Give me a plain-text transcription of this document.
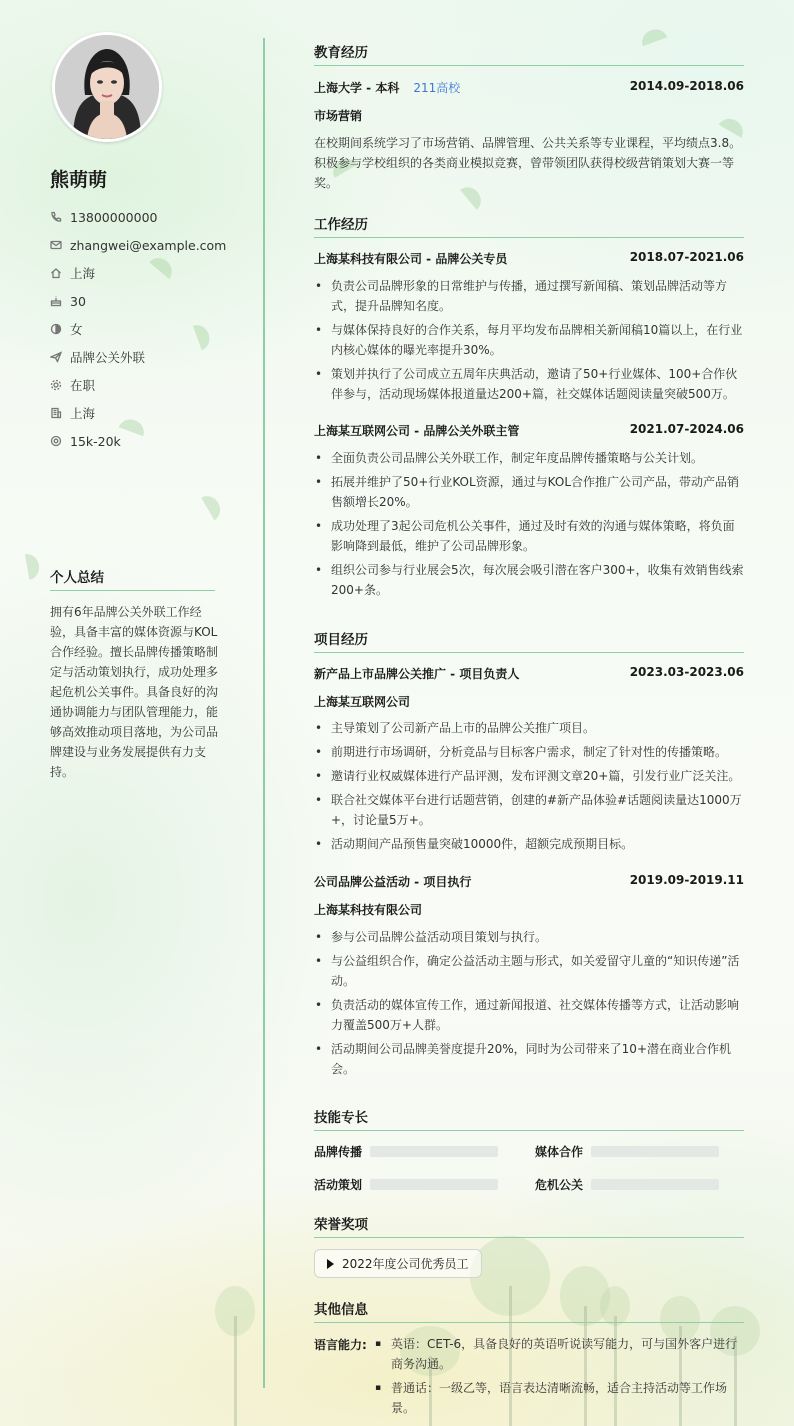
熊萌萌
13800000000
zhangwei@example.com
上海
30
女
品牌公关外联
在职
上海
15k-20k
个人总结
拥有6年品牌公关外联工作经验，具备丰富的媒体资源与KOL合作经验。擅长品牌传播策略制定与活动策划执行，成功处理多起危机公关事件。具备良好的沟通协调能力与团队管理能力，能够高效推动项目落地，为公司品牌建设与业务发展提供有力支持。
教育经历
上海大学 - 本科 211高校	2014.09-2018.06
市场营销
在校期间系统学习了市场营销、品牌管理、公共关系等专业课程，平均绩点3.8。积极参与学校组织的各类商业模拟竞赛，曾带领团队获得校级营销策划大赛一等奖。
工作经历
上海某科技有限公司 - 品牌公关专员	2018.07-2021.06
• 负责公司品牌形象的日常维护与传播，通过撰写新闻稿、策划品牌活动等方式，提升品牌知名度。
• 与媒体保持良好的合作关系，每月平均发布品牌相关新闻稿10篇以上，在行业内核心媒体的曝光率提升30%。
• 策划并执行了公司成立五周年庆典活动，邀请了50+行业媒体、100+合作伙伴参与，活动现场媒体报道量达200+篇，社交媒体话题阅读量突破500万。
上海某互联网公司 - 品牌公关外联主管	2021.07-2024.06
• 全面负责公司品牌公关外联工作，制定年度品牌传播策略与公关计划。
• 拓展并维护了50+行业KOL资源，通过与KOL合作推广公司产品，带动产品销售额增长20%。
• 成功处理了3起公司危机公关事件，通过及时有效的沟通与媒体策略，将负面影响降到最低，维护了公司品牌形象。
• 组织公司参与行业展会5次，每次展会吸引潜在客户300+，收集有效销售线索200+条。
项目经历
新产品上市品牌公关推广 - 项目负责人	2023.03-2023.06
上海某互联网公司
• 主导策划了公司新产品上市的品牌公关推广项目。
• 前期进行市场调研，分析竞品与目标客户需求，制定了针对性的传播策略。
• 邀请行业权威媒体进行产品评测，发布评测文章20+篇，引发行业广泛关注。
• 联合社交媒体平台进行话题营销，创建的#新产品体验#话题阅读量达1000万+，讨论量5万+。
• 活动期间产品预售量突破10000件，超额完成预期目标。
公司品牌公益活动 - 项目执行	2019.09-2019.11
上海某科技有限公司
• 参与公司品牌公益活动项目策划与执行。
• 与公益组织合作，确定公益活动主题与形式，如关爱留守儿童的“知识传递”活动。
• 负责活动的媒体宣传工作，通过新闻报道、社交媒体传播等方式，让活动影响力覆盖500万+人群。
• 活动期间公司品牌美誉度提升20%，同时为公司带来了10+潜在商业合作机会。
技能专长
品牌传播	媒体合作
活动策划	危机公关
荣誉奖项
2022年度公司优秀员工
其他信息
语言能力:
▪	英语：CET-6，具备良好的英语听说读写能力，可与国外客户进行商务沟通。
▪ 普通话：一级乙等，语言表达清晰流畅，适合主持活动等工作场景。
